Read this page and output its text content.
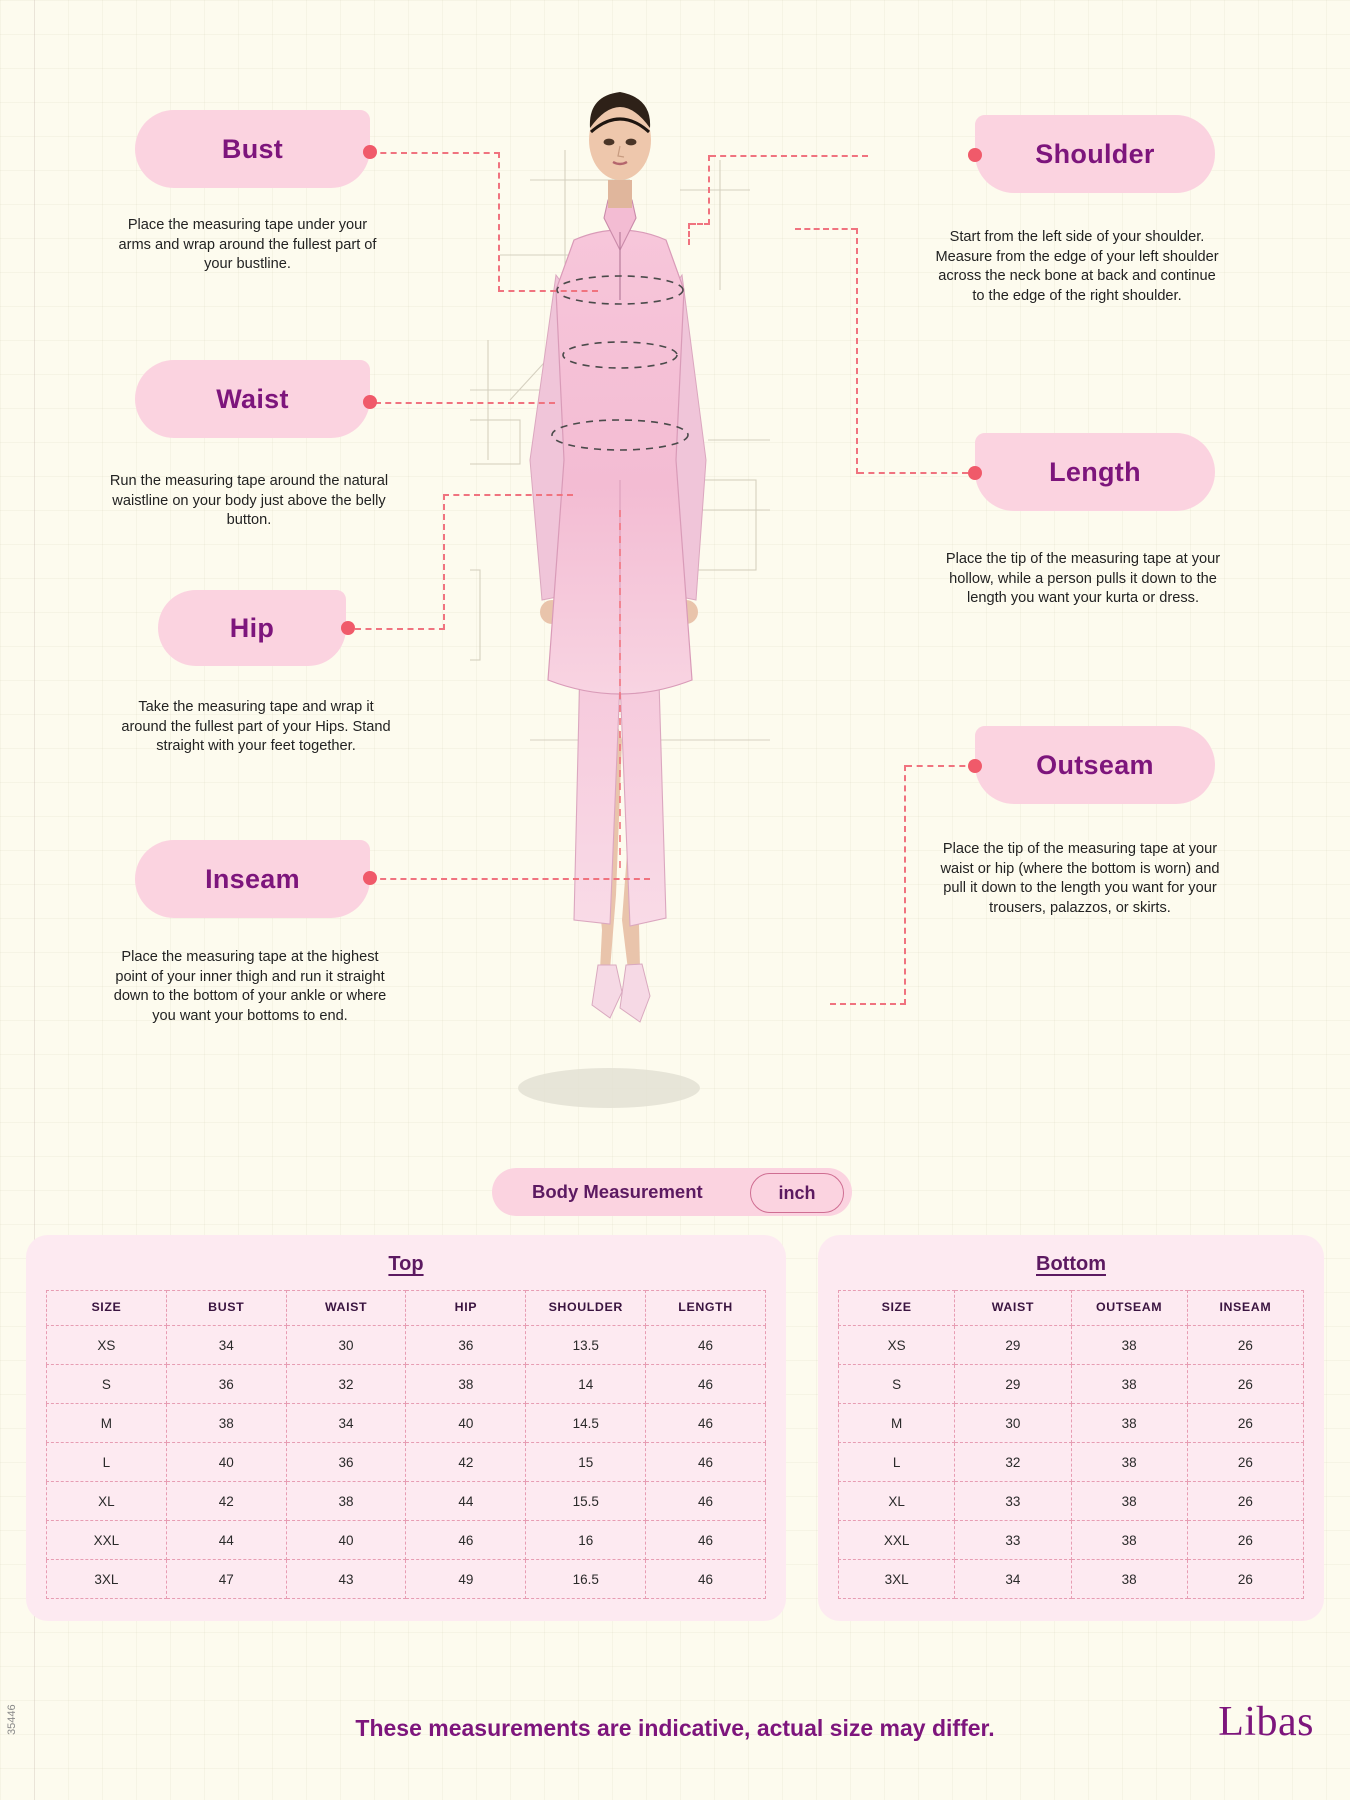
Bust
Place the measuring tape under your arms and wrap around the fullest part of your bustline.
Waist
Run the measuring tape around the natural waistline on your body just above the belly button.
Hip
Take the measuring tape and wrap it around the fullest part of your Hips. Stand straight with your feet together.
Inseam
Place the measuring tape at the highest point of your inner thigh and run it straight down to the bottom of your ankle or where you want your bottoms to end.
Shoulder
Start from the left side of your shoulder. Measure from the edge of your left shoulder across the neck bone at back and continue to the edge of the right shoulder.
Length
Place the tip of the measuring tape at your hollow, while a person pulls it down to the length you want your kurta or dress.
Outseam
Place the tip of the measuring tape at your waist or hip (where the bottom is worn) and pull it down to the length you want for your trousers, palazzos, or skirts.
Body Measurement	inch
Top
SIZE	BUST	WAIST	HIP	SHOULDER	LENGTH
XS	34	30	36	13.5	46
S	36	32	38	14	46
M	38	34	40	14.5	46
L	40	36	42	15	46
XL	42	38	44	15.5	46
XXL	44	40	46	16	46
3XL	47	43	49	16.5	46
Bottom
SIZE	WAIST	OUTSEAM	INSEAM
XS	29	38	26
S	29	38	26
M	30	38	26
L	32	38	26
XL	33	38	26
XXL	33	38	26
3XL	34	38	26
These measurements are indicative, actual size may differ.	Libas
35446
